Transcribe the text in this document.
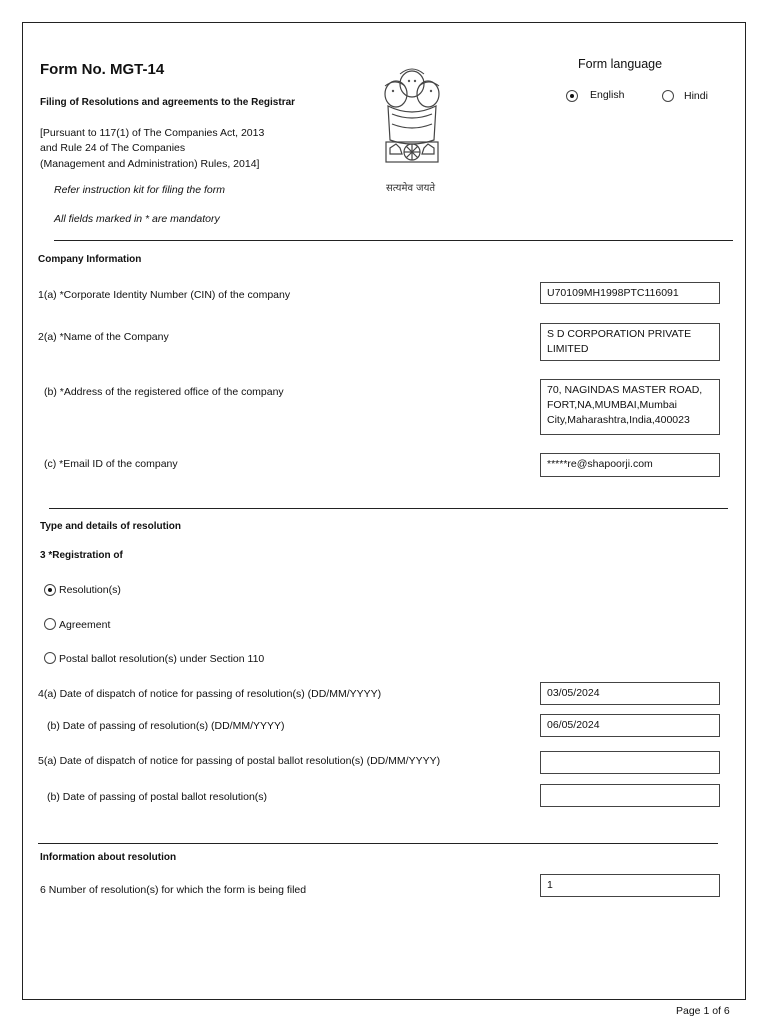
Form No. MGT-14
Filing of Resolutions and agreements to the Registrar
[Pursuant to 117(1) of The Companies Act, 2013
and Rule 24 of The Companies
(Management and Administration) Rules, 2014]
Refer instruction kit for filing the form
All fields marked in * are mandatory
सत्यमेव जयते
Form language
English	Hindi
Company Information
1(a) *Corporate Identity Number (CIN) of the company	U70109MH1998PTC116091
2(a) *Name of the Company	S D CORPORATION PRIVATE LIMITED
(b) *Address of the registered office of the company	70, NAGINDAS MASTER ROAD, FORT,NA,MUMBAI,Mumbai City,Maharashtra,India,400023
(c) *Email ID of the company	*****re@shapoorji.com
Type and details of resolution
3 *Registration of
Resolution(s)
Agreement
Postal ballot resolution(s) under Section 110
4(a) Date of dispatch of notice for passing of resolution(s) (DD/MM/YYYY)	03/05/2024
(b) Date of passing of resolution(s) (DD/MM/YYYY)	06/05/2024
5(a) Date of dispatch of notice for passing of postal ballot resolution(s) (DD/MM/YYYY)
(b) Date of passing of postal ballot resolution(s)
Information about resolution
6 Number of resolution(s) for which the form is being filed	1
Page 1 of 6
